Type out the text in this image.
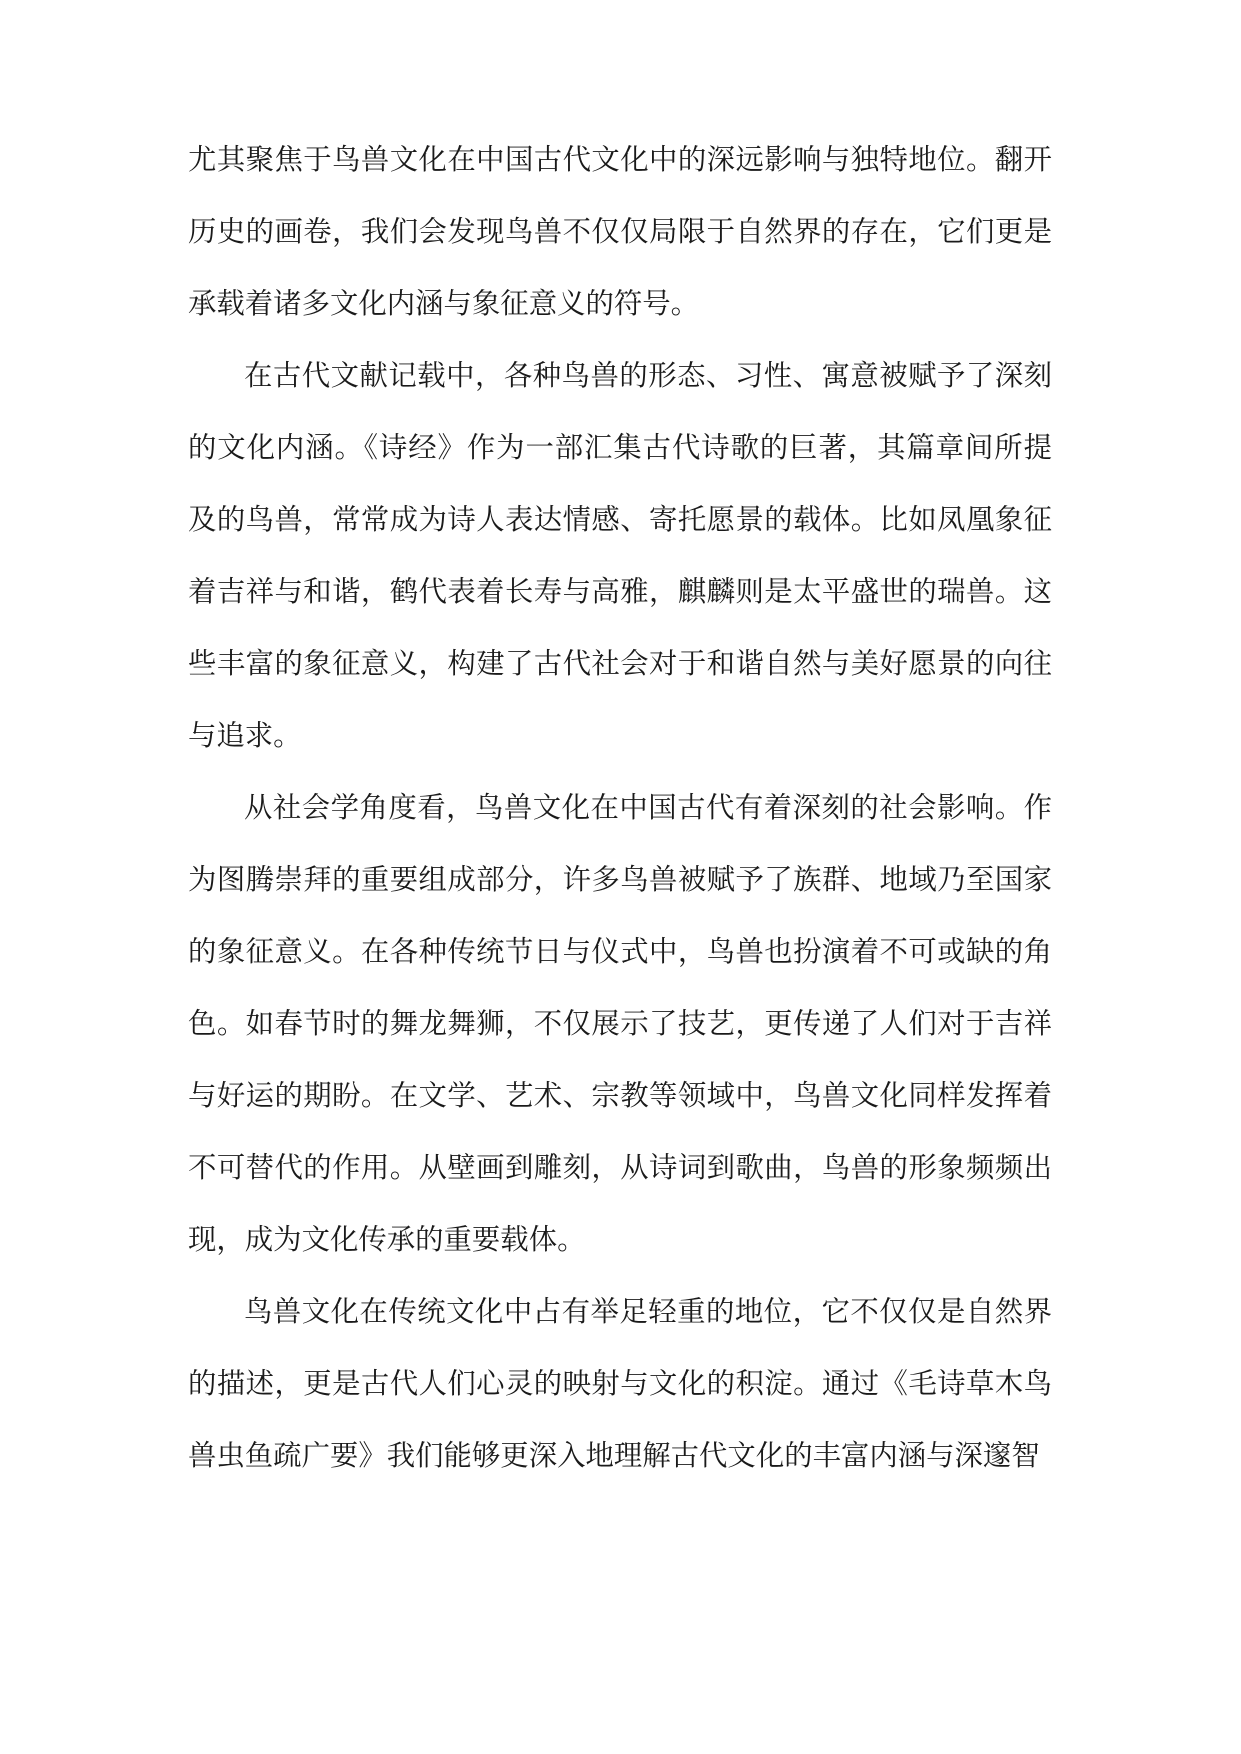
尤其聚焦于鸟兽文化在中国古代文化中的深远影响与独特地位。翻开历史的画卷，我们会发现鸟兽不仅仅局限于自然界的存在，它们更是承载着诸多文化内涵与象征意义的符号。

在古代文献记载中，各种鸟兽的形态、习性、寓意被赋予了深刻的文化内涵。《诗经》作为一部汇集古代诗歌的巨著，其篇章间所提及的鸟兽，常常成为诗人表达情感、寄托愿景的载体。比如凤凰象征着吉祥与和谐，鹤代表着长寿与高雅，麒麟则是太平盛世的瑞兽。这些丰富的象征意义，构建了古代社会对于和谐自然与美好愿景的向往与追求。

从社会学角度看，鸟兽文化在中国古代有着深刻的社会影响。作为图腾崇拜的重要组成部分，许多鸟兽被赋予了族群、地域乃至国家的象征意义。在各种传统节日与仪式中，鸟兽也扮演着不可或缺的角色。如春节时的舞龙舞狮，不仅展示了技艺，更传递了人们对于吉祥与好运的期盼。在文学、艺术、宗教等领域中，鸟兽文化同样发挥着不可替代的作用。从壁画到雕刻，从诗词到歌曲，鸟兽的形象频频出现，成为文化传承的重要载体。

鸟兽文化在传统文化中占有举足轻重的地位，它不仅仅是自然界的描述，更是古代人们心灵的映射与文化的积淀。通过《毛诗草木鸟兽虫鱼疏广要》我们能够更深入地理解古代文化的丰富内涵与深邃智
